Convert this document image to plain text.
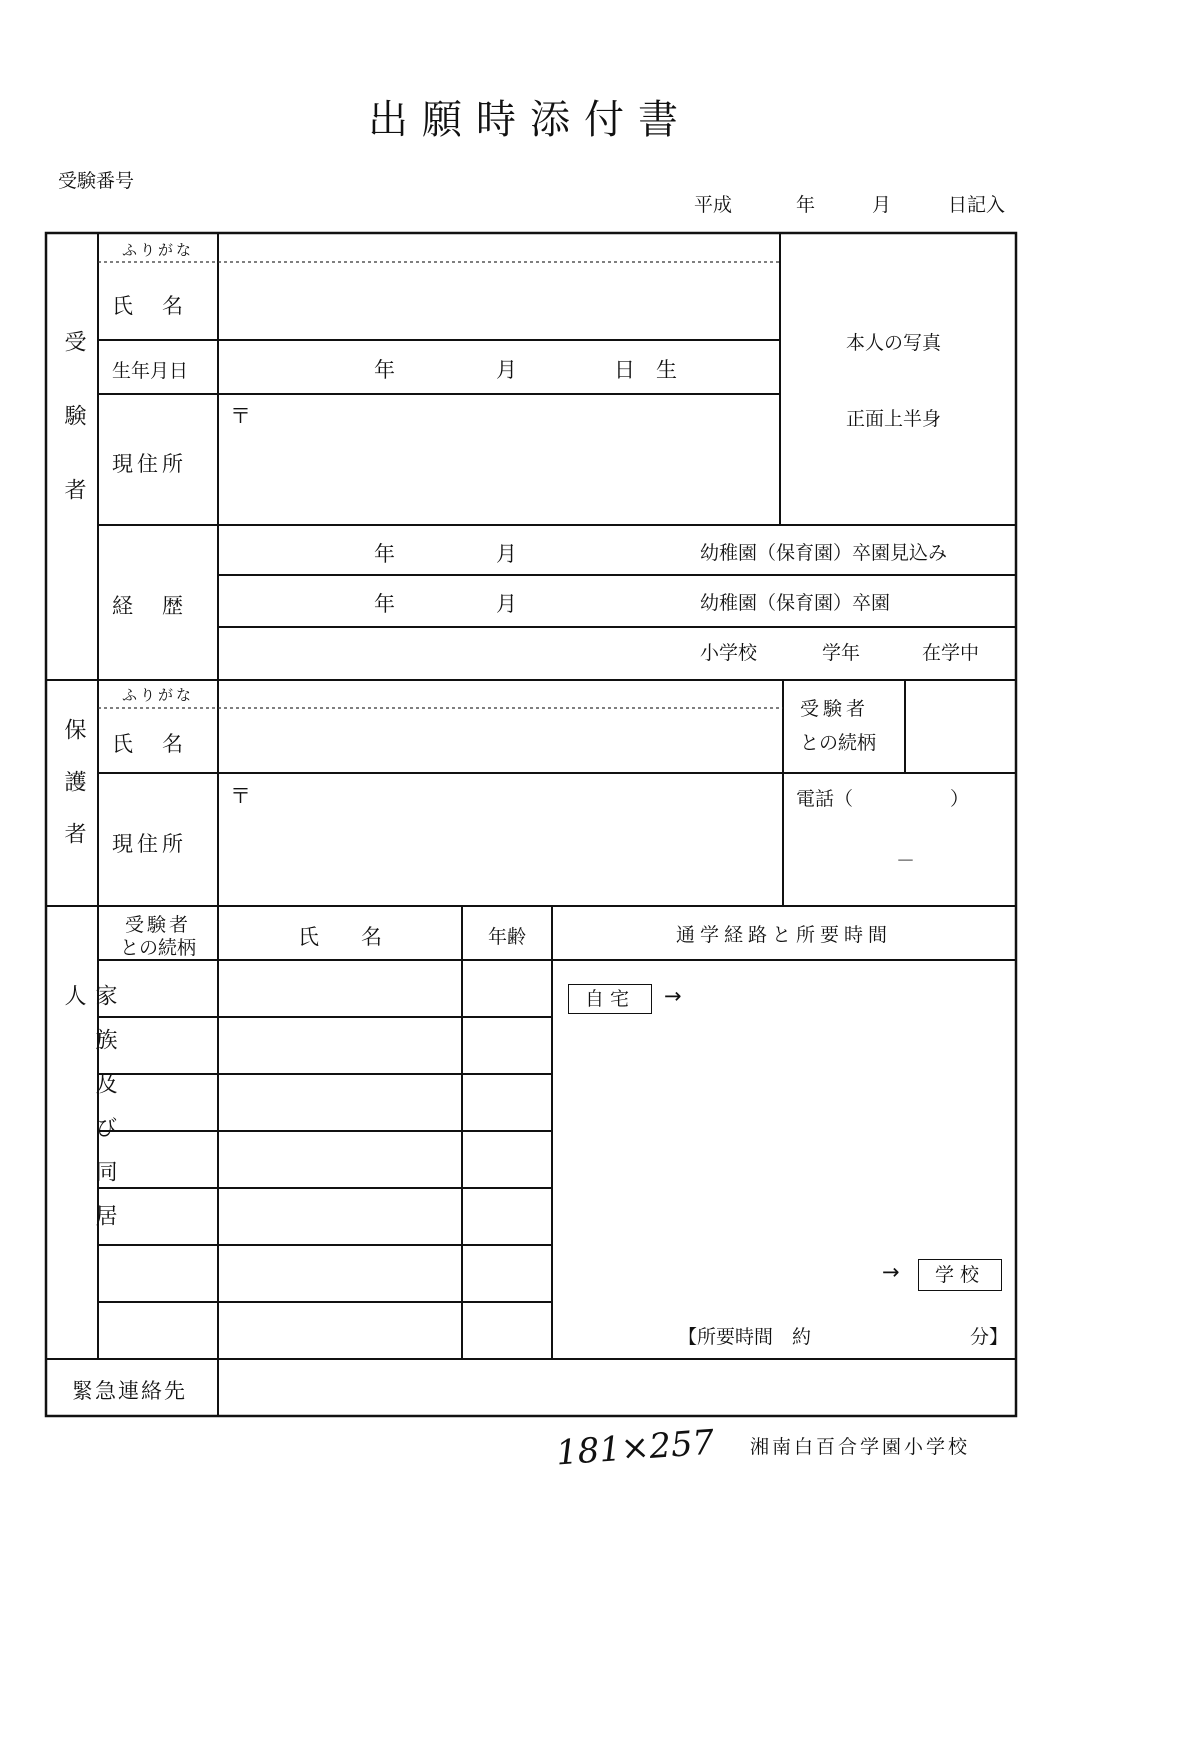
出願時添付書
受験番号
平成	年	月	日記入
受験者
ふりがな
氏　名
生年月日	年	月	日　生
現住所
〒
本人の写真
正面上半身
経　歴
年	月	幼稚園（保育園）卒園見込み
年	月	幼稚園（保育園）卒園
小学校	学年	在学中
保護者
ふりがな
氏　名
受験者
との続柄
現住所
〒	電話（	）
－
家族及び同居人
受験者
との続柄	氏　　名	年齢	通学経路と所要時間
自宅	→
→	学校
【所要時間　約	分】
緊急連絡先
181×257 湘南白百合学園小学校
